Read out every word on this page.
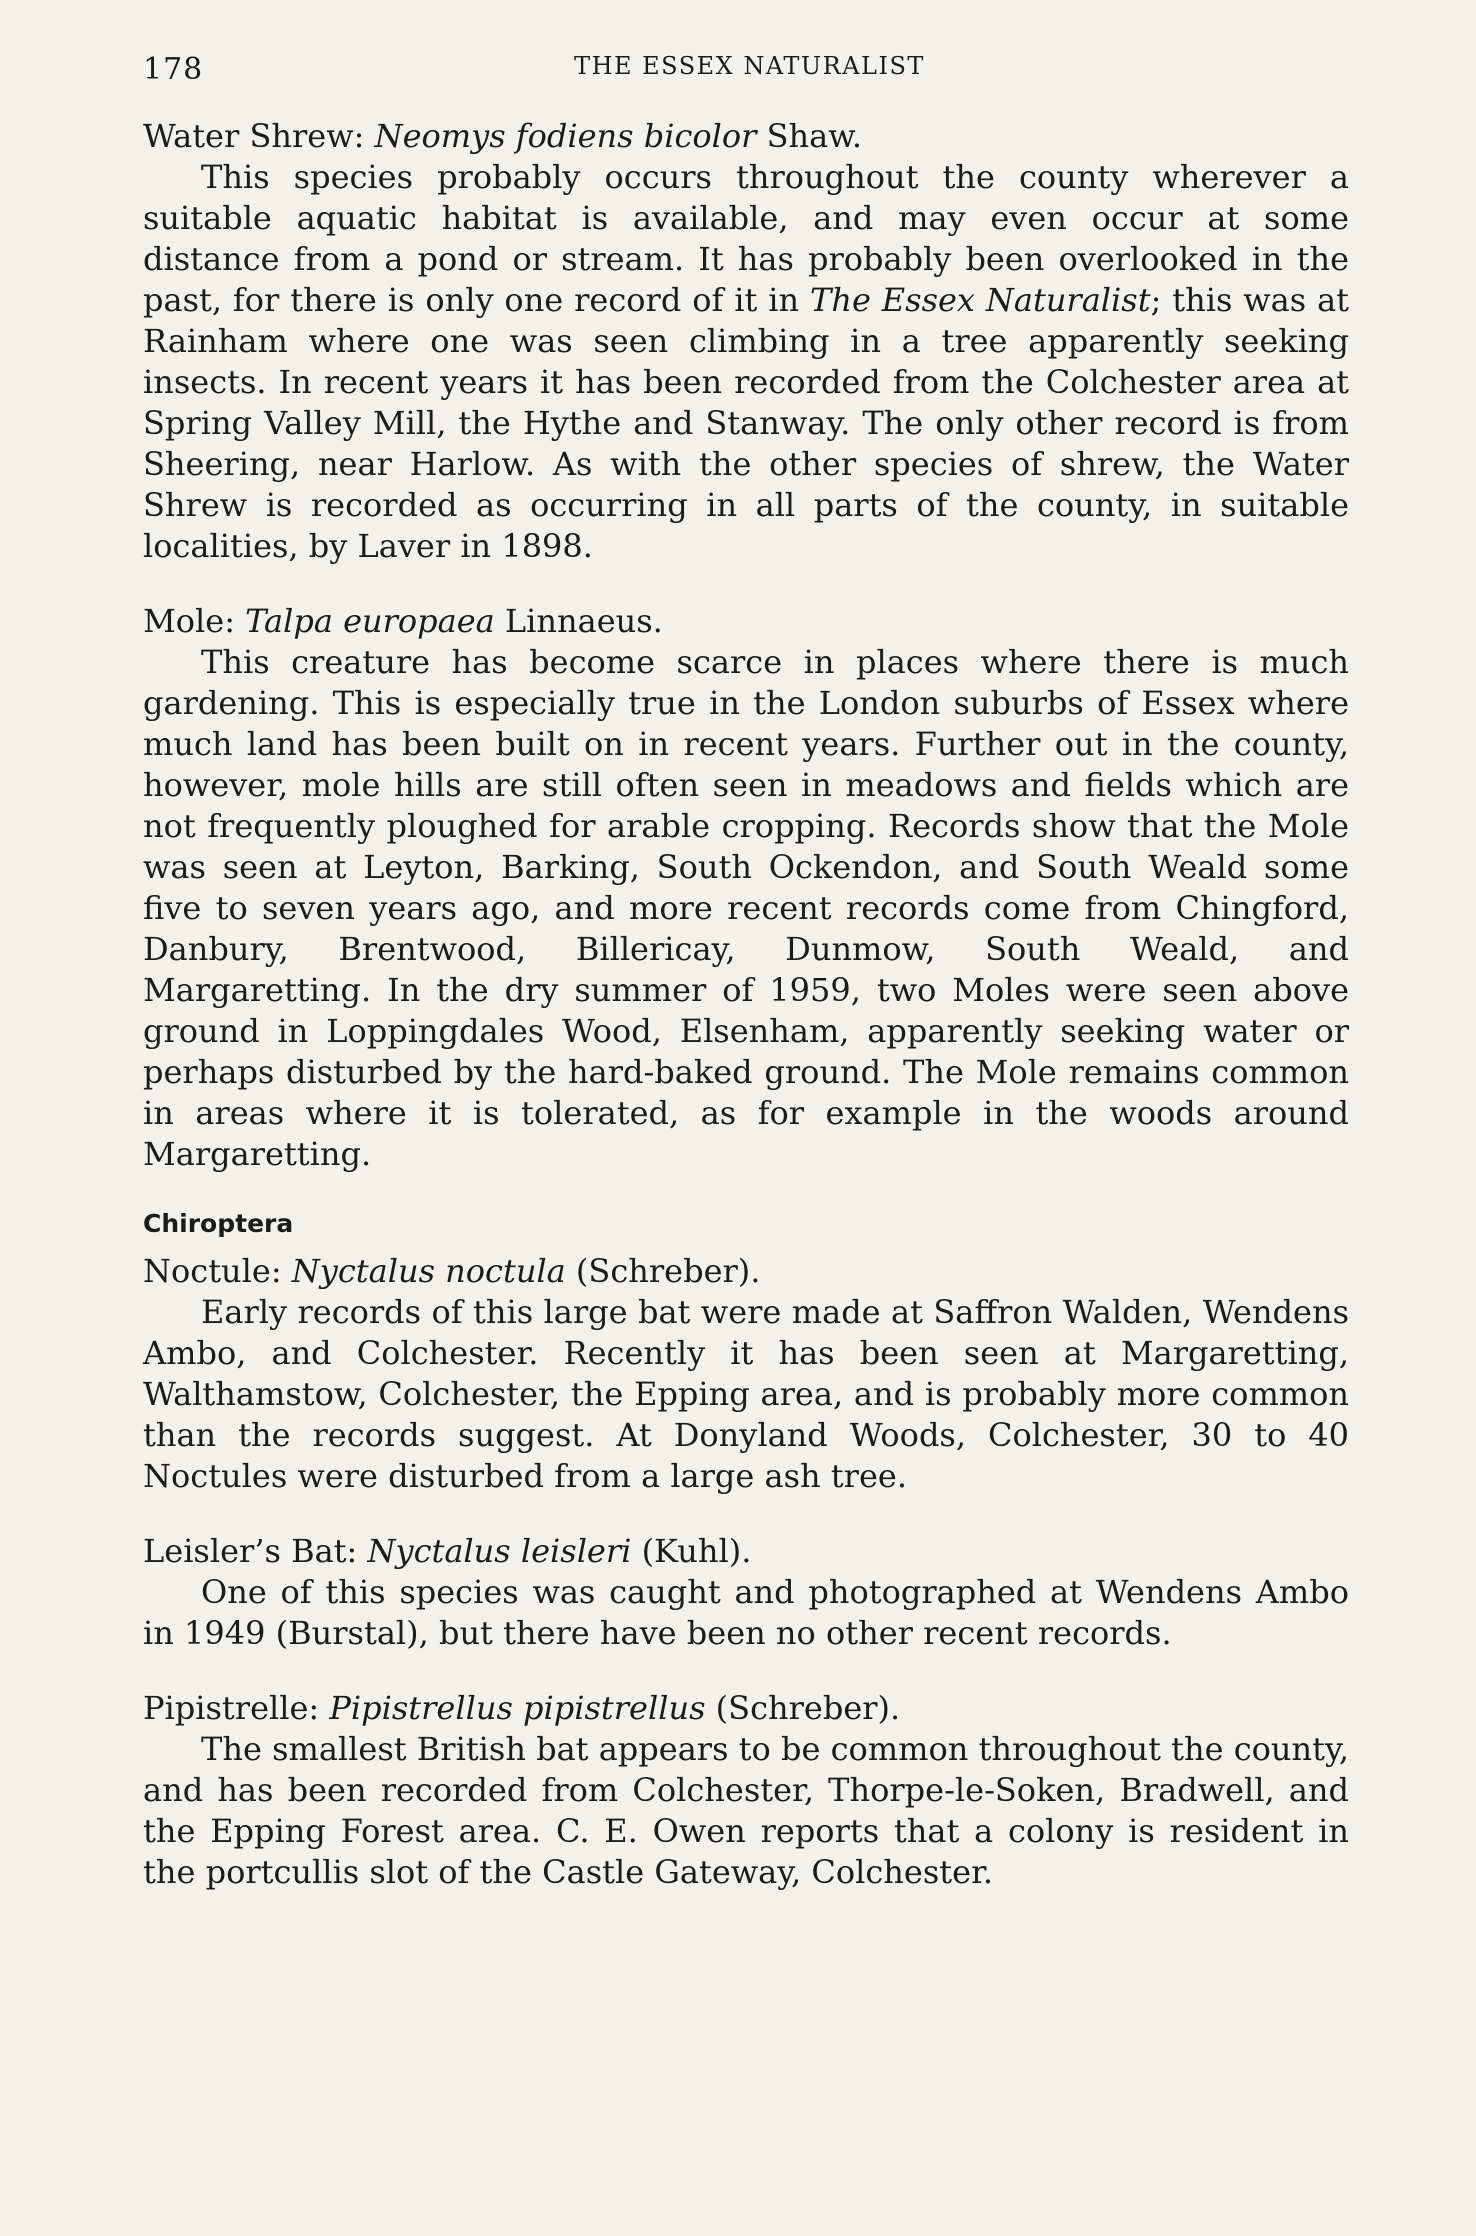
178	THE ESSEX NATURALIST

Water Shrew: Neomys fodiens bicolor Shaw.

This species probably occurs throughout the county wherever a suitable aquatic habitat is available, and may even occur at some distance from a pond or stream. It has probably been overlooked in the past, for there is only one record of it in The Essex Naturalist; this was at Rainham where one was seen climbing in a tree apparently seeking insects. In recent years it has been recorded from the Colchester area at Spring Valley Mill, the Hythe and Stanway. The only other record is from Sheering, near Harlow. As with the other species of shrew, the Water Shrew is recorded as occurring in all parts of the county, in suitable localities, by Laver in 1898.

Mole: Talpa europaea Linnaeus.

This creature has become scarce in places where there is much gardening. This is especially true in the London suburbs of Essex where much land has been built on in recent years. Further out in the county, however, mole hills are still often seen in meadows and fields which are not frequently ploughed for arable cropping. Records show that the Mole was seen at Leyton, Barking, South Ockendon, and South Weald some five to seven years ago, and more recent records come from Chingford, Danbury, Brentwood, Billericay, Dunmow, South Weald, and Margaretting. In the dry summer of 1959, two Moles were seen above ground in Loppingdales Wood, Elsenham, apparently seeking water or perhaps disturbed by the hard-baked ground. The Mole remains common in areas where it is tolerated, as for example in the woods around Margaretting.

Chiroptera

Noctule: Nyctalus noctula (Schreber).

Early records of this large bat were made at Saffron Walden, Wendens Ambo, and Colchester. Recently it has been seen at Margaretting, Walthamstow, Colchester, the Epping area, and is probably more common than the records suggest. At Donyland Woods, Colchester, 30 to 40 Noctules were disturbed from a large ash tree.

Leisler’s Bat: Nyctalus leisleri (Kuhl).

One of this species was caught and photographed at Wendens Ambo in 1949 (Burstal), but there have been no other recent records.

Pipistrelle: Pipistrellus pipistrellus (Schreber).

The smallest British bat appears to be common throughout the county, and has been recorded from Colchester, Thorpe-le-Soken, Bradwell, and the Epping Forest area. C. E. Owen reports that a colony is resident in the portcullis slot of the Castle Gateway, Colchester.
